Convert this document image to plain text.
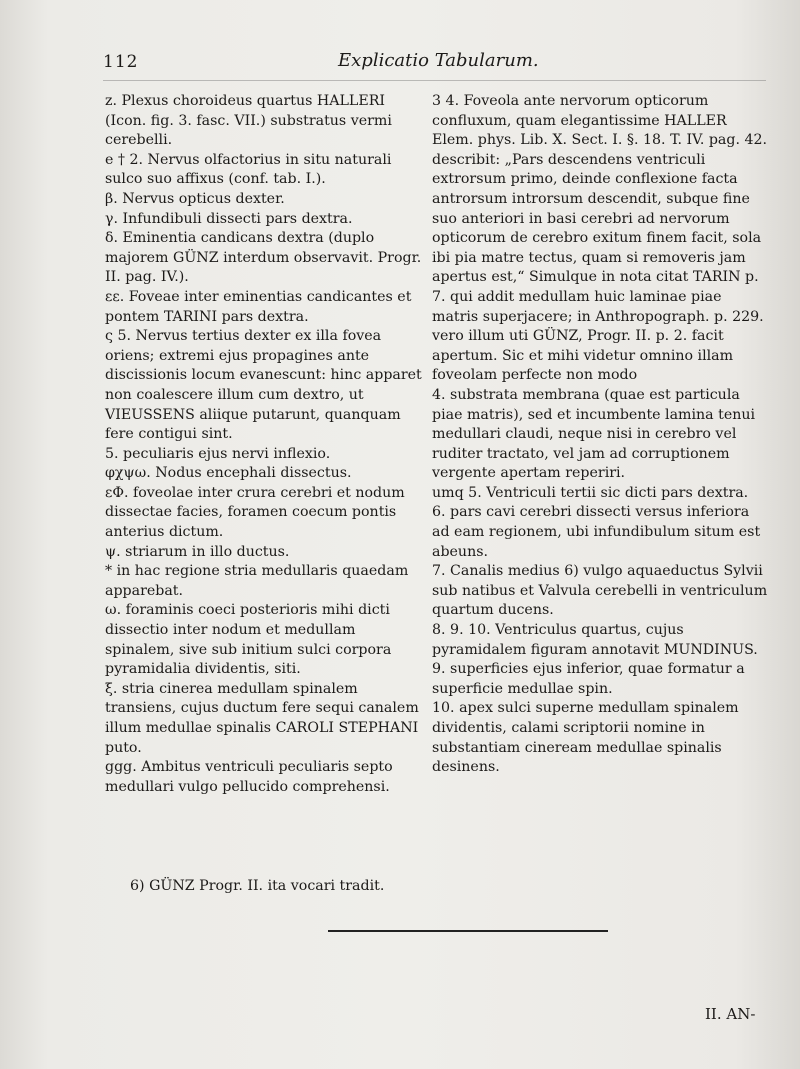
112	Explicatio Tabularum.

z. Plexus choroideus quartus HALLERI (Icon. fig. 3. fasc. VII.) substratus vermi cerebelli.

e † 2. Nervus olfactorius in situ naturali sulco suo affixus (conf. tab. I.).

β. Nervus opticus dexter.

γ. Infundibuli dissecti pars dextra.

δ. Eminentia candicans dextra (duplo majorem GÜNZ interdum observavit. Progr. II. pag. IV.).

εε. Foveae inter eminentias candicantes et pontem TARINI pars dextra.

ς 5. Nervus tertius dexter ex illa fovea oriens; extremi ejus propagines ante discissionis locum evanescunt: hinc apparet non coalescere illum cum dextro, ut VIEUSSENS aliique putarunt, quanquam fere contigui sint.

5. peculiaris ejus nervi inflexio.

φχψω. Nodus encephali dissectus.

εΦ. foveolae inter crura cerebri et nodum dissectae facies, foramen coecum pontis anterius dictum.

ψ. striarum in illo ductus.

* in hac regione stria medullaris quaedam apparebat.

ω. foraminis coeci posterioris mihi dicti dissectio inter nodum et medullam spinalem, sive sub initium sulci corpora pyramidalia dividentis, siti.

ξ. stria cinerea medullam spinalem transiens, cujus ductum fere sequi canalem illum medullae spinalis CAROLI STEPHANI puto.

ggg. Ambitus ventriculi peculiaris septo medullari vulgo pellucido comprehensi.

3 4. Foveola ante nervorum opticorum confluxum, quam elegantissime HALLER Elem. phys. Lib. X. Sect. I. §. 18. T. IV. pag. 42. describit: „Pars descendens ventriculi extrorsum primo, deinde conflexione facta antrorsum introrsum descendit, subque fine suo anteriori in basi cerebri ad nervorum opticorum de cerebro exitum finem facit, sola ibi pia matre tectus, quam si removeris jam apertus est,“ Simulque in nota citat TARIN p. 7. qui addit medullam huic laminae piae matris superjacere; in Anthropograph. p. 229. vero illum uti GÜNZ, Progr. II. p. 2. facit apertum. Sic et mihi videtur omnino illam foveolam perfecte non modo

4. substrata membrana (quae est particula piae matris), sed et incumbente lamina tenui medullari claudi, neque nisi in cerebro vel ruditer tractato, vel jam ad corruptionem vergente apertam reperiri.

umq 5. Ventriculi tertii sic dicti pars dextra.

6. pars cavi cerebri dissecti versus inferiora ad eam regionem, ubi infundibulum situm est abeuns.

7. Canalis medius 6) vulgo aquaeductus Sylvii sub natibus et Valvula cerebelli in ventriculum quartum ducens.

8. 9. 10. Ventriculus quartus, cujus pyramidalem figuram annotavit MUNDINUS.

9. superficies ejus inferior, quae formatur a superficie medullae spin.

10. apex sulci superne medullam spinalem dividentis, calami scriptorii nomine in substantiam cineream medullae spinalis desinens.

6) GÜNZ Progr. II. ita vocari tradit.
II. AN-
